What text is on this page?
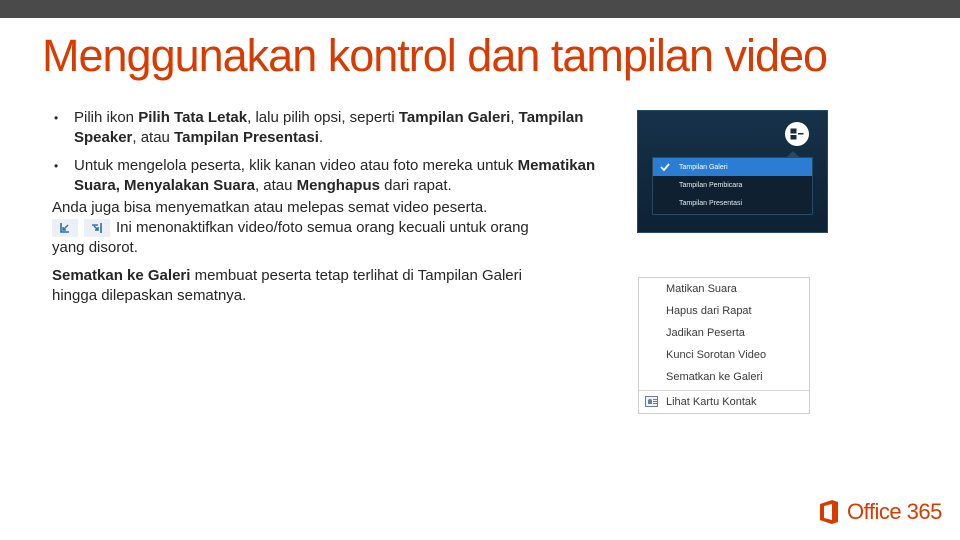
Menggunakan kontrol dan tampilan video
• Pilih ikon Pilih Tata Letak, lalu pilih opsi, seperti Tampilan Galeri, Tampilan Speaker, atau Tampilan Presentasi.
• Untuk mengelola peserta, klik kanan video atau foto mereka untuk Mematikan Suara, Menyalakan Suara, atau Menghapus dari rapat.
Anda juga bisa menyematkan atau melepas semat video peserta.
Ini menonaktifkan video/foto semua orang kecuali untuk orang
yang disorot.
Sematkan ke Galeri membuat peserta tetap terlihat di Tampilan Galeri
hingga dilepaskan sematnya.
Tampilan Galeri
Tampilan Pembicara
Tampilan Presentasi
Matikan Suara
Hapus dari Rapat
Jadikan Peserta
Kunci Sorotan Video
Sematkan ke Galeri
Lihat Kartu Kontak
Office 365
